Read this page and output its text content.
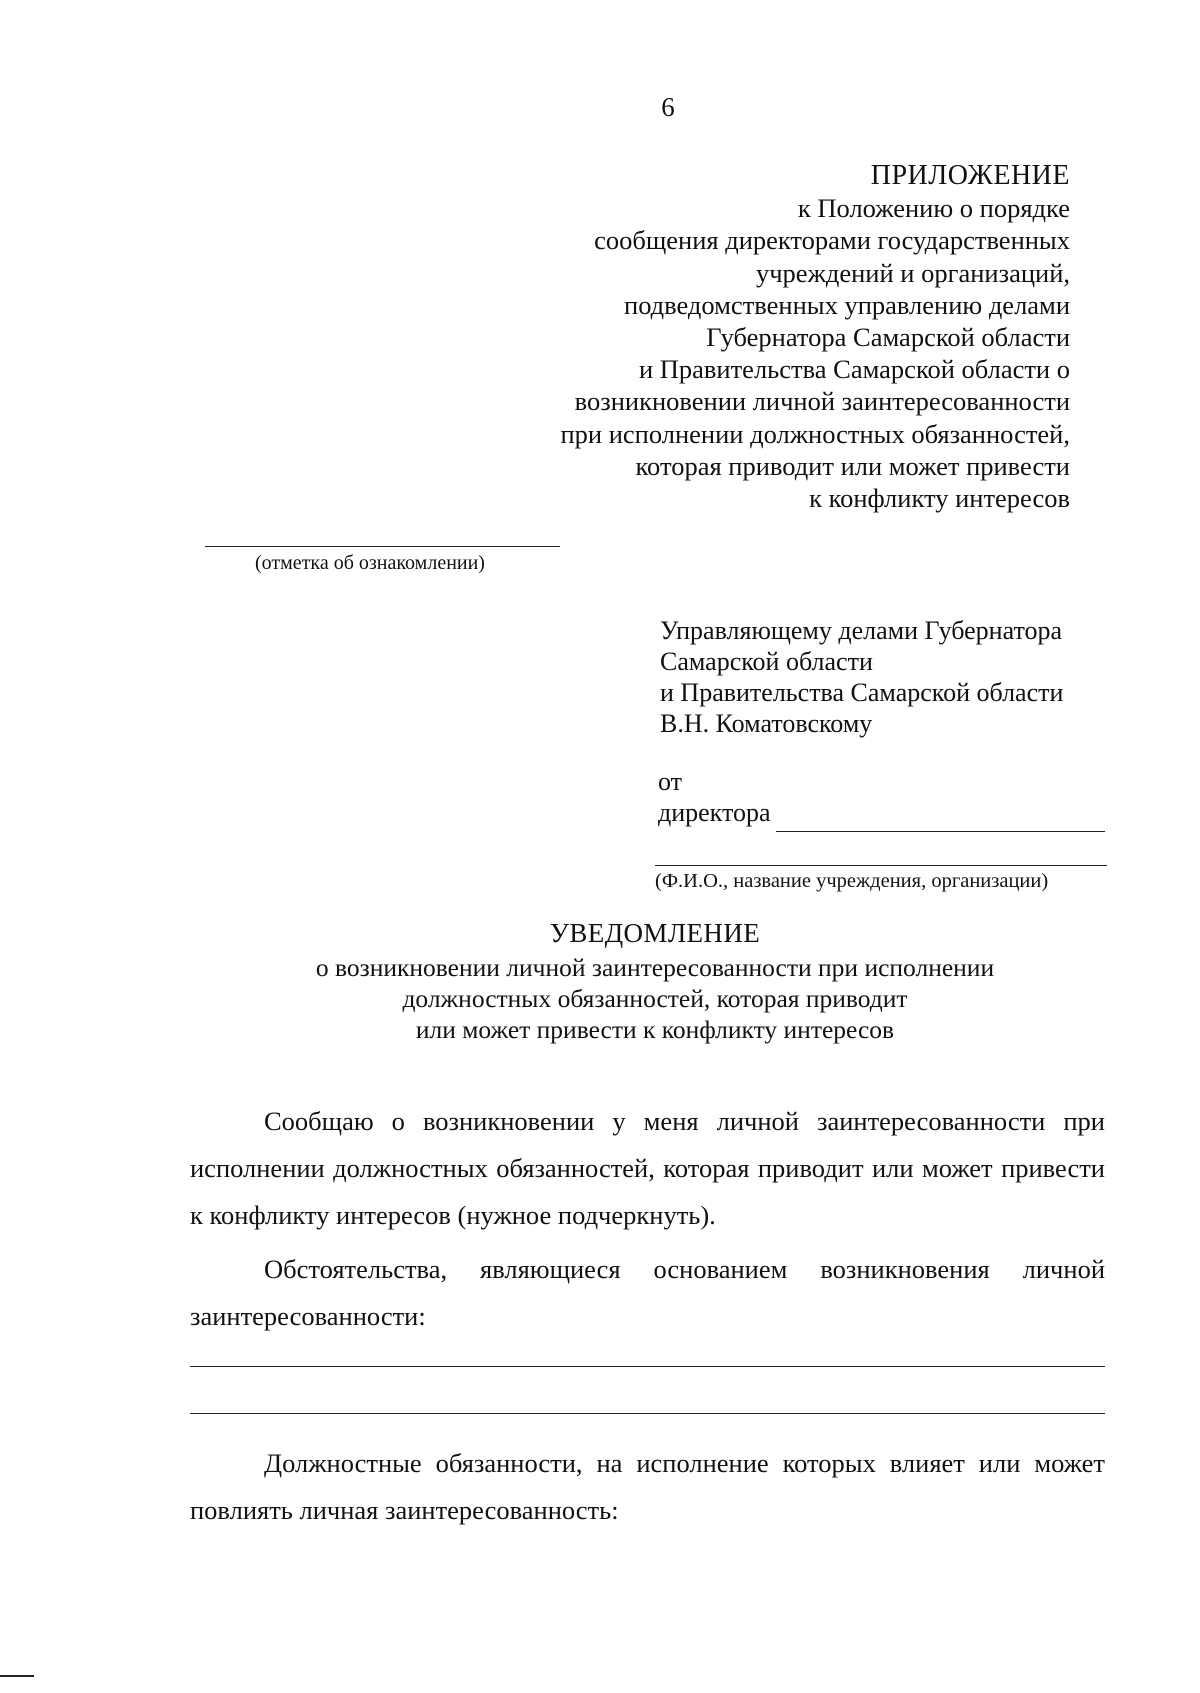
6
ПРИЛОЖЕНИЕ
к Положению о порядке
сообщения директорами государственных
учреждений и организаций,
подведомственных управлению делами
Губернатора Самарской области
и Правительства Самарской области о
возникновении личной заинтересованности
при исполнении должностных обязанностей,
которая приводит или может привести
к конфликту интересов
(отметка об ознакомлении)
Управляющему делами Губернатора
Самарской области
и Правительства Самарской области
В.Н. Коматовскому
от
директора
(Ф.И.О., название учреждения, организации)
УВЕДОМЛЕНИЕ
о возникновении личной заинтересованности при исполнении
должностных обязанностей, которая приводит
или может привести к конфликту интересов
Сообщаю о возникновении у меня личной заинтересованности при исполнении должностных обязанностей, которая приводит или может привести к конфликту интересов (нужное подчеркнуть).
Обстоятельства, являющиеся основанием возникновения личной заинтересованности:
Должностные обязанности, на исполнение которых влияет или может повлиять личная заинтересованность:
